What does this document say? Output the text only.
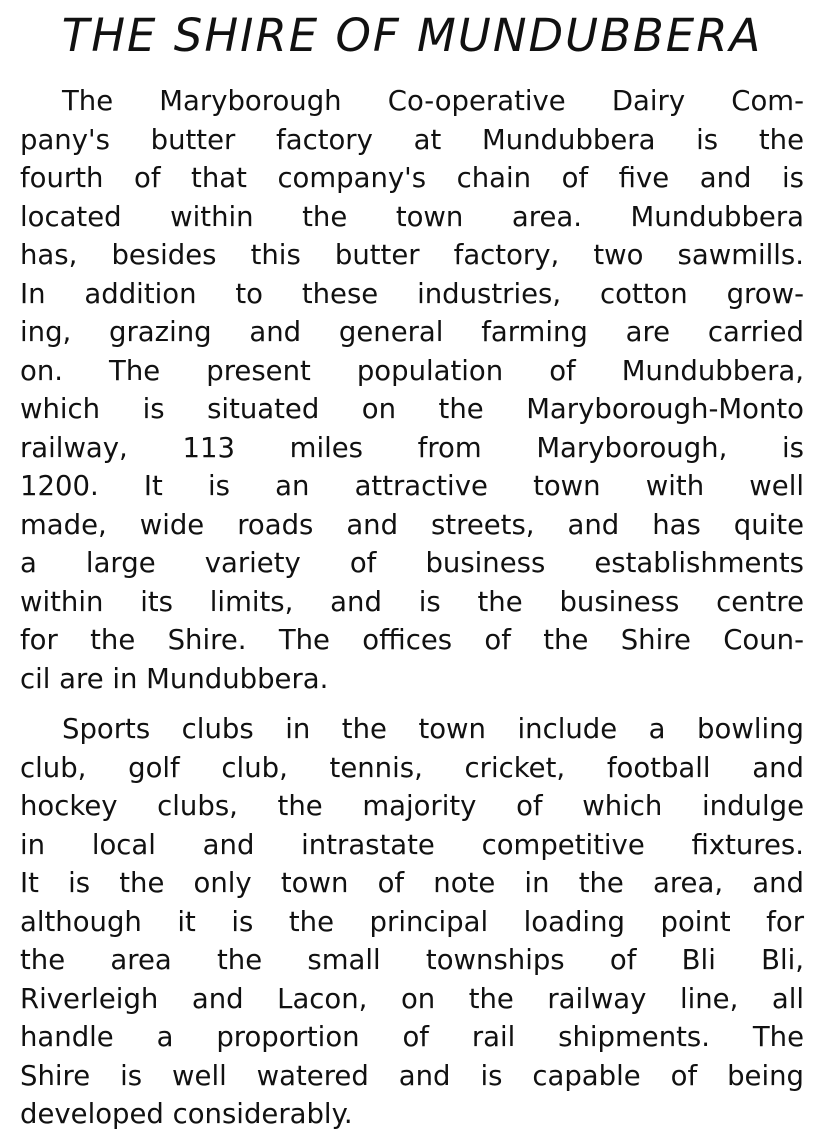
THE SHIRE OF MUNDUBBERA

The Maryborough Co-operative Dairy Com-
pany's butter factory at Mundubbera is the
fourth of that company's chain of five and is
located within the town area. Mundubbera
has, besides this butter factory, two sawmills.
In addition to these industries, cotton grow-
ing, grazing and general farming are carried
on. The present population of Mundubbera,
which is situated on the Maryborough-Monto
railway, 113 miles from Maryborough, is
1200. It is an attractive town with well
made, wide roads and streets, and has quite
a large variety of business establishments
within its limits, and is the business centre
for the Shire. The offices of the Shire Coun-
cil are in Mundubbera.

Sports clubs in the town include a bowling
club, golf club, tennis, cricket, football and
hockey clubs, the majority of which indulge
in local and intrastate competitive fixtures.
It is the only town of note in the area, and
although it is the principal loading point for
the area the small townships of Bli Bli,
Riverleigh and Lacon, on the railway line, all
handle a proportion of rail shipments. The
Shire is well watered and is capable of being
developed considerably.
